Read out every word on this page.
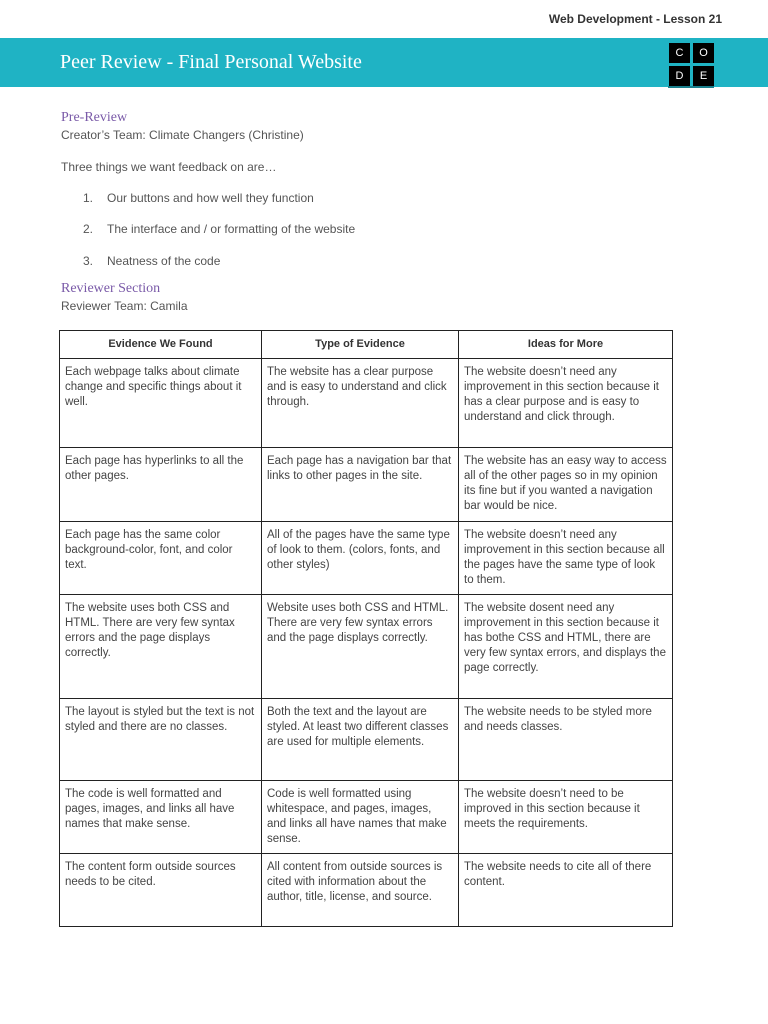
Web Development - Lesson 21
Peer Review - Final Personal Website	C	O
D	E
Pre-Review
Creator’s Team: Climate Changers (Christine)
Three things we want feedback on are…
1. Our buttons and how well they function
2. The interface and / or formatting of the website
3. Neatness of the code
Reviewer Section
Reviewer Team: Camila
Evidence We Found	Type of Evidence	Ideas for More
Each webpage talks about climate change and specific things about it well.	The website has a clear purpose and is easy to understand and click through.	The website doesn’t need any improvement in this section because it has a clear purpose and is easy to understand and click through.
Each page has hyperlinks to all the other pages.	Each page has a navigation bar that links to other pages in the site.	The website has an easy way to access all of the other pages so in my opinion its fine but if you wanted a navigation bar would be nice.
Each page has the same color background-color, font, and color text.	All of the pages have the same type of look to them. (colors, fonts, and other styles)	The website doesn’t need any improvement in this section because all the pages have the same type of look to them.
The website uses both CSS and HTML. There are very few syntax errors and the page displays correctly.	Website uses both CSS and HTML. There are very few syntax errors and the page displays correctly.	The website dosent need any improvement in this section because it has bothe CSS and HTML, there are very few syntax errors, and displays the page correctly.
The layout is styled but the text is not styled and there are no classes.	Both the text and the layout are styled. At least two different classes are used for multiple elements.	The website needs to be styled more and needs classes.
The code is well formatted and pages, images, and links all have names that make sense.	Code is well formatted using whitespace, and pages, images, and links all have names that make sense.	The website doesn’t need to be improved in this section because it meets the requirements.
The content form outside sources needs to be cited.	All content from outside sources is cited with information about the author, title, license, and source.	The website needs to cite all of there content.
